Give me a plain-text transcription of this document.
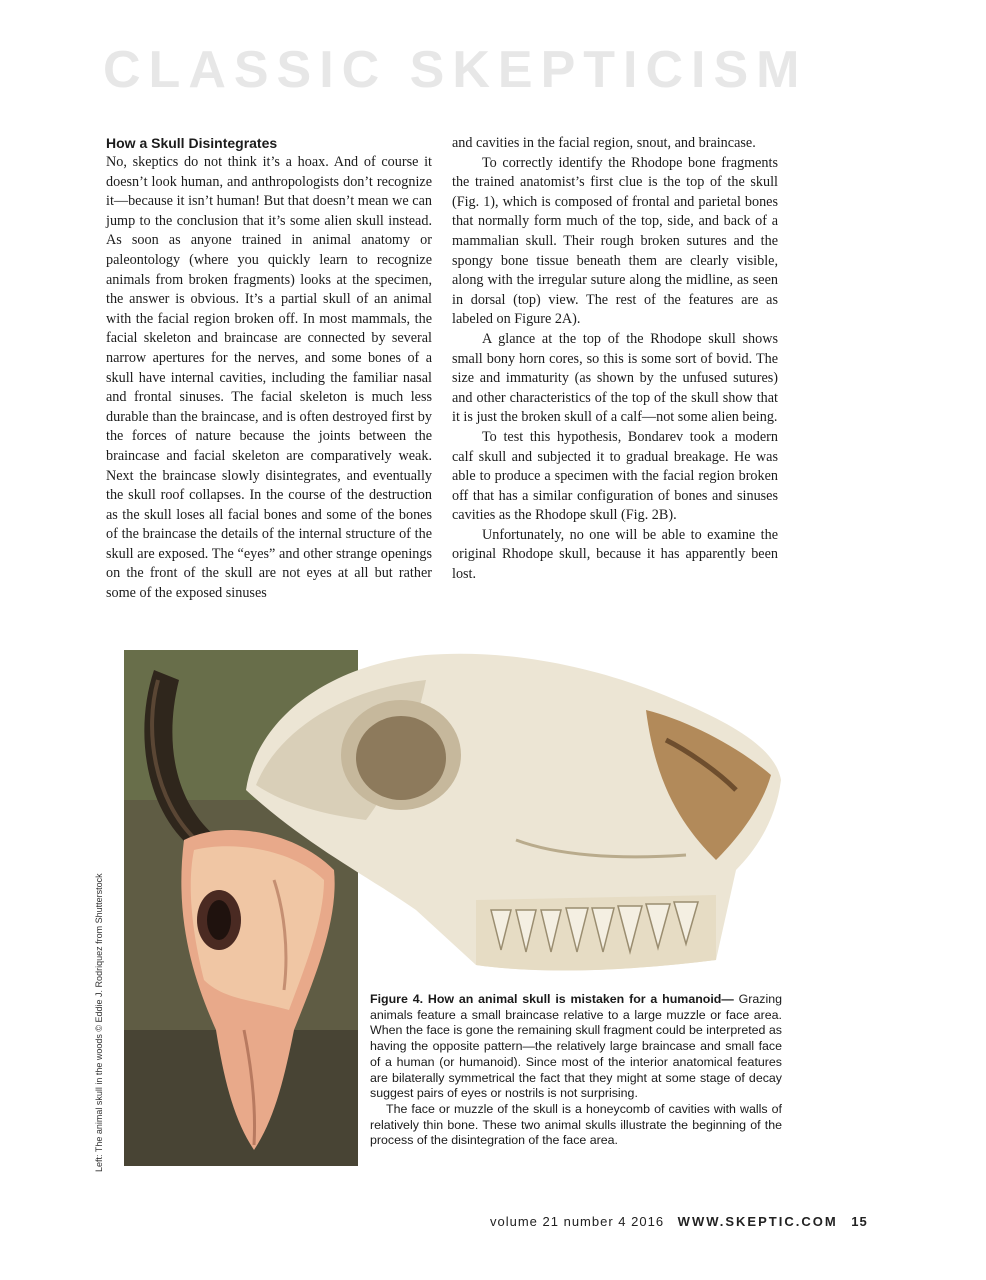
CLASSIC SKEPTICISM
How a Skull Disintegrates

No, skeptics do not think it’s a hoax. And of course it doesn’t look human, and anthropologists don’t recognize it—because it isn’t human! But that doesn’t mean we can jump to the conclusion that it’s some alien skull instead. As soon as anyone trained in animal anatomy or paleontology (where you quickly learn to recognize animals from broken fragments) looks at the specimen, the answer is obvious. It’s a partial skull of an animal with the facial region broken off. In most mammals, the facial skeleton and braincase are connected by several narrow apertures for the nerves, and some bones of a skull have internal cavities, including the familiar nasal and frontal sinuses. The facial skeleton is much less durable than the braincase, and is often destroyed first by the forces of nature because the joints between the braincase and facial skeleton are comparatively weak. Next the braincase slowly disintegrates, and eventually the skull roof collapses. In the course of the destruction as the skull loses all facial bones and some of the bones of the braincase the details of the internal structure of the skull are exposed. The “eyes” and other strange openings on the front of the skull are not eyes at all but rather some of the exposed sinuses

and cavities in the facial region, snout, and braincase.

To correctly identify the Rhodope bone fragments the trained anatomist’s first clue is the top of the skull (Fig. 1), which is composed of frontal and parietal bones that normally form much of the top, side, and back of a mammalian skull. Their rough broken sutures and the spongy bone tissue beneath them are clearly visible, along with the irregular suture along the midline, as seen in dorsal (top) view. The rest of the features are as labeled on Figure 2A).

A glance at the top of the Rhodope skull shows small bony horn cores, so this is some sort of bovid. The size and immaturity (as shown by the unfused sutures) and other characteristics of the top of the skull show that it is just the broken skull of a calf—not some alien being.

To test this hypothesis, Bondarev took a modern calf skull and subjected it to gradual breakage. He was able to produce a specimen with the facial region broken off that has a similar configuration of bones and sinuses cavities as the Rhodope skull (Fig. 2B).

Unfortunately, no one will be able to examine the original Rhodope skull, because it has apparently been lost.

Left: The animal skull in the woods © Eddie J. Rodriquez from Shutterstock	Figure 4. How an animal skull is mistaken for a humanoid— Grazing animals feature a small braincase relative to a large muzzle or face area. When the face is gone the remaining skull fragment could be interpreted as having the opposite pattern—the relatively large braincase and small face of a human (or humanoid). Since most of the interior anatomical features are bilaterally symmetrical the fact that they might at some stage of decay suggest pairs of eyes or nostrils is not surprising.

The face or muzzle of the skull is a honeycomb of cavities with walls of relatively thin bone. These two animal skulls illustrate the beginning of the process of the disintegration of the face area.

volume 21 number 4 2016 WWW.SKEPTIC.COM 15
